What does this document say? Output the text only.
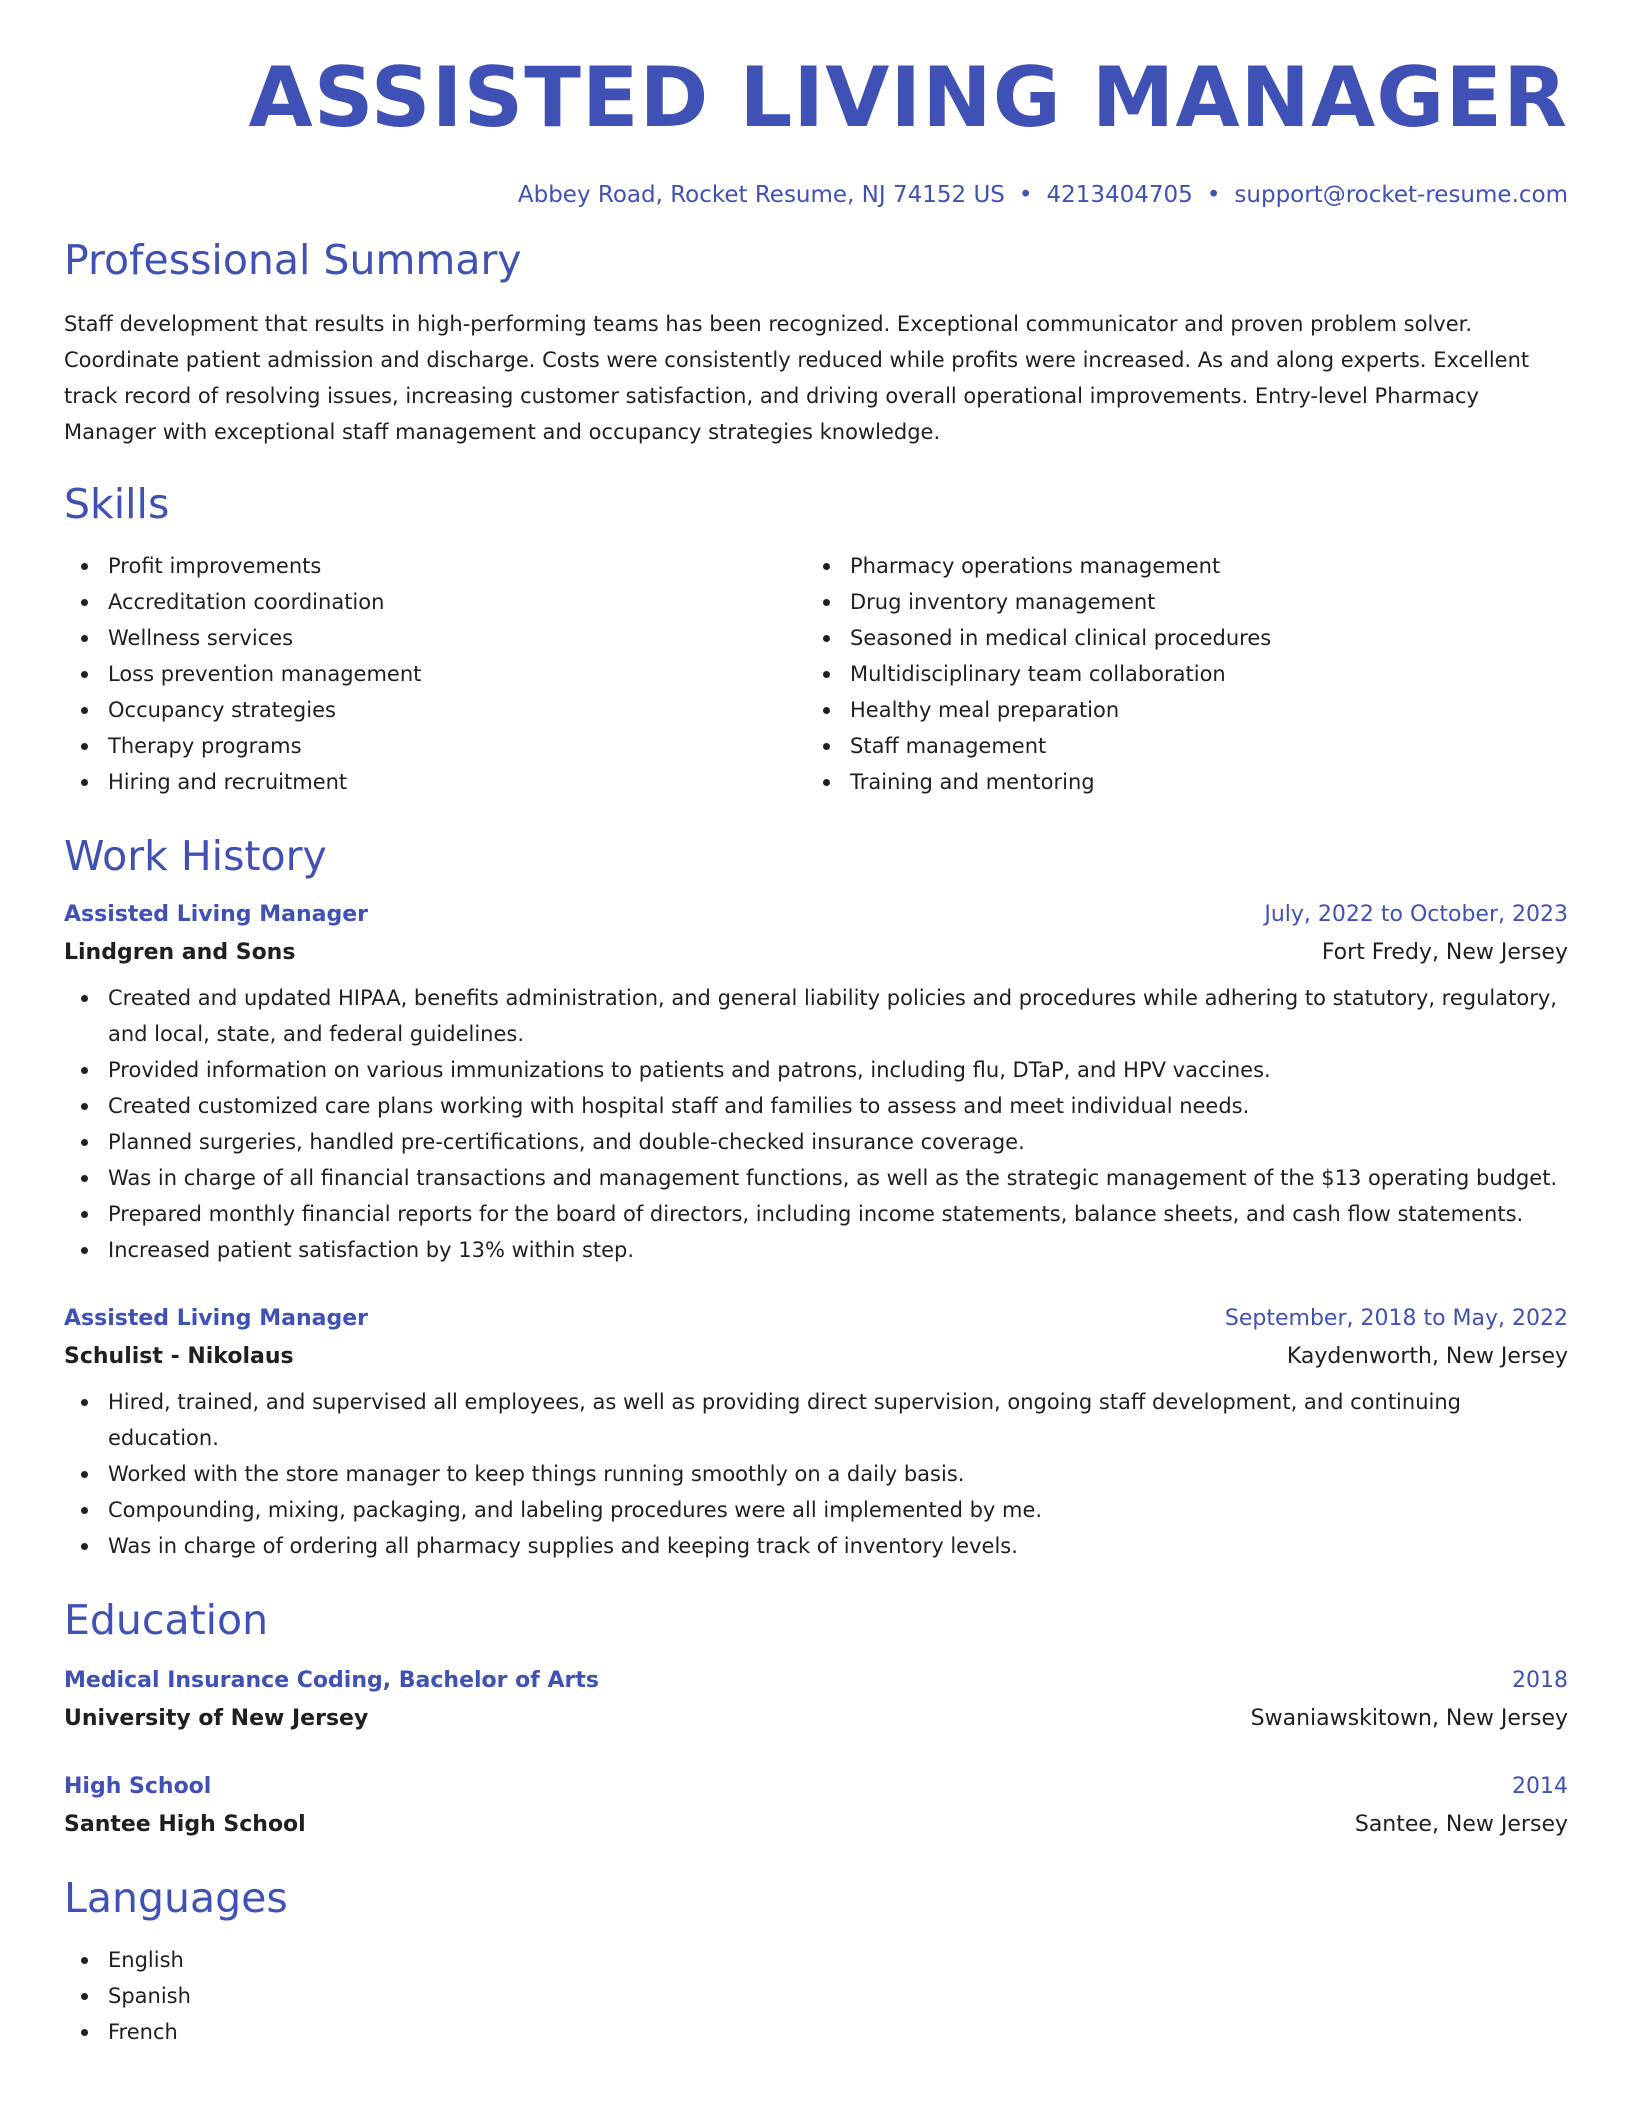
ASSISTED LIVING MANAGER
Abbey Road, Rocket Resume, NJ 74152 US • 4213404705 • support@rocket-resume.com
Professional Summary

Staff development that results in high-performing teams has been recognized. Exceptional communicator and proven problem solver. Coordinate patient admission and discharge. Costs were consistently reduced while profits were increased. As and along experts. Excellent track record of resolving issues, increasing customer satisfaction, and driving overall operational improvements. Entry-level Pharmacy Manager with exceptional staff management and occupancy strategies knowledge.

Skills
Profit improvements
Accreditation coordination
Wellness services
Loss prevention management
Occupancy strategies
Therapy programs
Hiring and recruitment
Pharmacy operations management
Drug inventory management
Seasoned in medical clinical procedures
Multidisciplinary team collaboration
Healthy meal preparation
Staff management
Training and mentoring
Work History
Assisted Living Manager	July, 2022 to October, 2023
Lindgren and Sons	Fort Fredy, New Jersey
Created and updated HIPAA, benefits administration, and general liability policies and procedures while adhering to statutory, regulatory, and local, state, and federal guidelines.
Provided information on various immunizations to patients and patrons, including flu, DTaP, and HPV vaccines.
Created customized care plans working with hospital staff and families to assess and meet individual needs.
Planned surgeries, handled pre-certifications, and double-checked insurance coverage.
Was in charge of all financial transactions and management functions, as well as the strategic management of the $13 operating budget.
Prepared monthly financial reports for the board of directors, including income statements, balance sheets, and cash flow statements.
Increased patient satisfaction by 13% within step.
Assisted Living Manager	September, 2018 to May, 2022
Schulist - Nikolaus	Kaydenworth, New Jersey
Hired, trained, and supervised all employees, as well as providing direct supervision, ongoing staff development, and continuing education.
Worked with the store manager to keep things running smoothly on a daily basis.
Compounding, mixing, packaging, and labeling procedures were all implemented by me.
Was in charge of ordering all pharmacy supplies and keeping track of inventory levels.
Education
Medical Insurance Coding, Bachelor of Arts	2018
University of New Jersey	Swaniawskitown, New Jersey
High School	2014
Santee High School	Santee, New Jersey
Languages
English
Spanish
French
